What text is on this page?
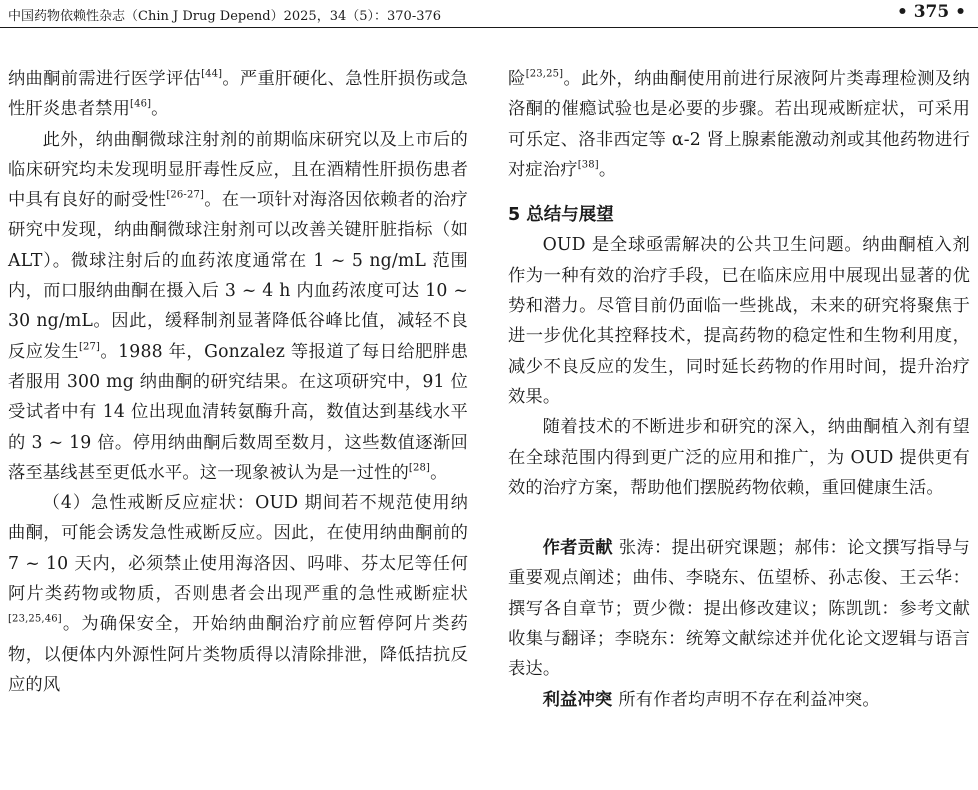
中国药物依赖性杂志（Chin J Drug Depend）2025，34（5）：370-376	• 375 •

纳曲酮前需进行医学评估[44]。严重肝硬化、急性肝损伤或急性肝炎患者禁用[46]。

此外，纳曲酮微球注射剂的前期临床研究以及上市后的临床研究均未发现明显肝毒性反应，且在酒精性肝损伤患者中具有良好的耐受性[26-27]。在一项针对海洛因依赖者的治疗研究中发现，纳曲酮微球注射剂可以改善关键肝脏指标（如 ALT）。微球注射后的血药浓度通常在 1 ~ 5 ng/mL 范围内，而口服纳曲酮在摄入后 3 ~ 4 h 内血药浓度可达 10 ~ 30 ng/mL。因此，缓释制剂显著降低谷峰比值，减轻不良反应发生[27]。1988 年，Gonzalez 等报道了每日给肥胖患者服用 300 mg 纳曲酮的研究结果。在这项研究中，91 位受试者中有 14 位出现血清转氨酶升高，数值达到基线水平的 3 ~ 19 倍。停用纳曲酮后数周至数月，这些数值逐渐回落至基线甚至更低水平。这一现象被认为是一过性的[28]。

（4）急性戒断反应症状：OUD 期间若不规范使用纳曲酮，可能会诱发急性戒断反应。因此，在使用纳曲酮前的 7 ~ 10 天内，必须禁止使用海洛因、吗啡、芬太尼等任何阿片类药物或物质，否则患者会出现严重的急性戒断症状[23,25,46]。为确保安全，开始纳曲酮治疗前应暂停阿片类药物，以便体内外源性阿片类物质得以清除排泄，降低拮抗反应的风

险[23,25]。此外，纳曲酮使用前进行尿液阿片类毒理检测及纳洛酮的催瘾试验也是必要的步骤。若出现戒断症状，可采用可乐定、洛非西定等 α-2 肾上腺素能激动剂或其他药物进行对症治疗[38]。

5 总结与展望

OUD 是全球亟需解决的公共卫生问题。纳曲酮植入剂作为一种有效的治疗手段，已在临床应用中展现出显著的优势和潜力。尽管目前仍面临一些挑战，未来的研究将聚焦于进一步优化其控释技术，提高药物的稳定性和生物利用度，减少不良反应的发生，同时延长药物的作用时间，提升治疗效果。

随着技术的不断进步和研究的深入，纳曲酮植入剂有望在全球范围内得到更广泛的应用和推广，为 OUD 提供更有效的治疗方案，帮助他们摆脱药物依赖，重回健康生活。

作者贡献 张涛：提出研究课题；郝伟：论文撰写指导与重要观点阐述；曲伟、李晓东、伍望桥、孙志俊、王云华：撰写各自章节；贾少微：提出修改建议；陈凯凯：参考文献收集与翻译；李晓东：统筹文献综述并优化论文逻辑与语言表达。

利益冲突 所有作者均声明不存在利益冲突。
